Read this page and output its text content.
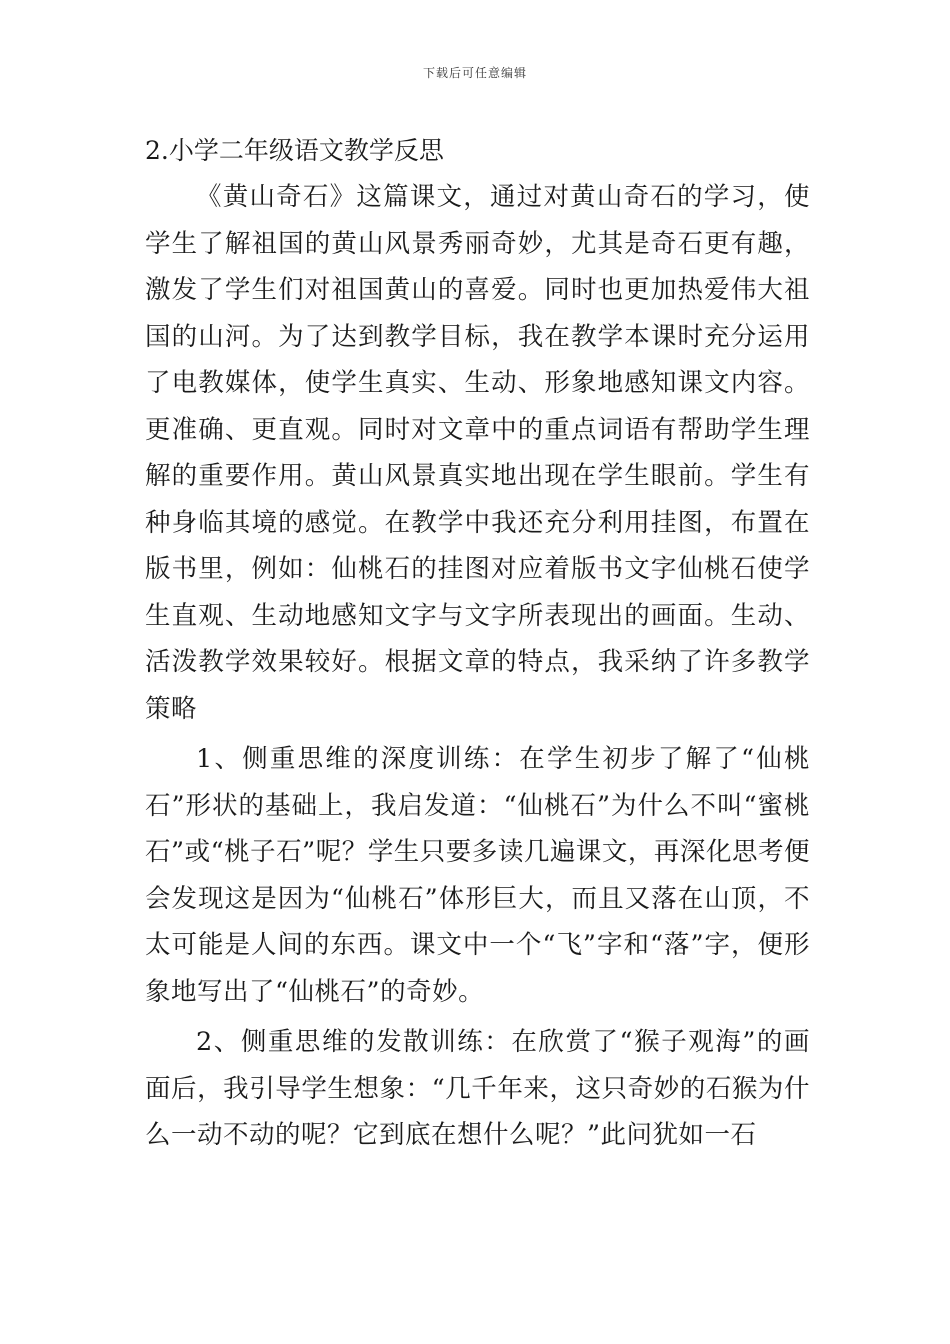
下载后可任意编辑
2.小学二年级语文教学反思

《黄山奇石》这篇课文，通过对黄山奇石的学习，使学生了解祖国的黄山风景秀丽奇妙，尤其是奇石更有趣，激发了学生们对祖国黄山的喜爱。同时也更加热爱伟大祖国的山河。为了达到教学目标，我在教学本课时充分运用了电教媒体，使学生真实、生动、形象地感知课文内容。更准确、更直观。同时对文章中的重点词语有帮助学生理解的重要作用。黄山风景真实地出现在学生眼前。学生有种身临其境的感觉。在教学中我还充分利用挂图，布置在版书里，例如：仙桃石的挂图对应着版书文字仙桃石使学生直观、生动地感知文字与文字所表现出的画面。生动、活泼教学效果较好。根据文章的特点，我采纳了许多教学策略

1、侧重思维的深度训练：在学生初步了解了“仙桃石”形状的基础上，我启发道：“仙桃石”为什么不叫“蜜桃石”或“桃子石”呢？学生只要多读几遍课文，再深化思考便会发现这是因为“仙桃石”体形巨大，而且又落在山顶，不太可能是人间的东西。课文中一个“飞”字和“落”字，便形象地写出了“仙桃石”的奇妙。

2、侧重思维的发散训练：在欣赏了“猴子观海”的画面后，我引导学生想象：“几千年来，这只奇妙的石猴为什么一动不动的呢？它到底在想什么呢？”此问犹如一石
